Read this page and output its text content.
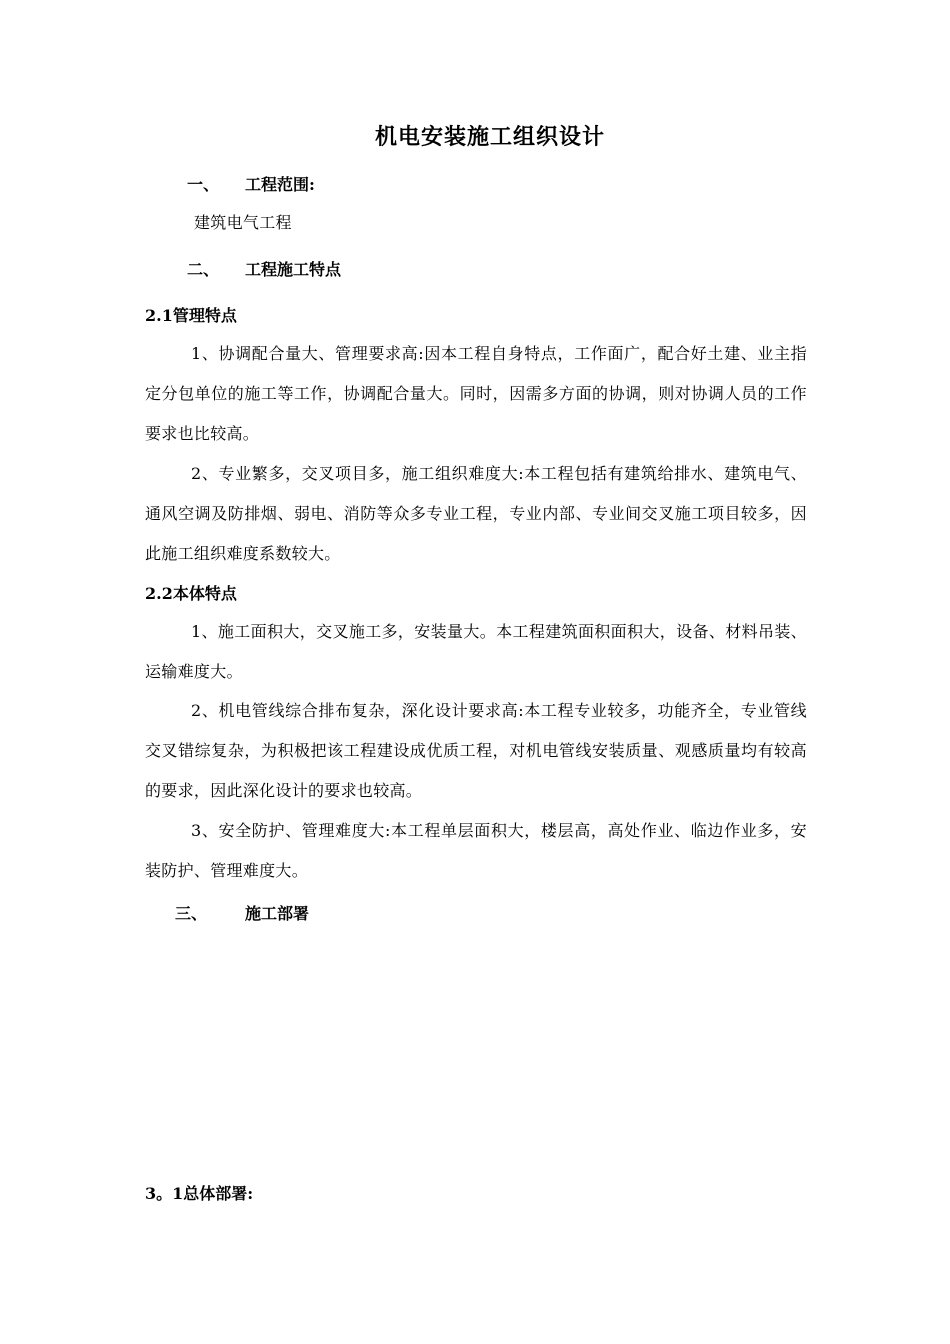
机电安装施工组织设计
一、 工程范围:
建筑电气工程
二、 工程施工特点
2.1管理特点
1、协调配合量大、管理要求高:因本工程自身特点，工作面广，配合好土建、业主指定分包单位的施工等工作，协调配合量大。同时，因需多方面的协调，则对协调人员的工作要求也比较高。
2、专业繁多，交叉项目多，施工组织难度大:本工程包括有建筑给排水、建筑电气、通风空调及防排烟、弱电、消防等众多专业工程，专业内部、专业间交叉施工项目较多，因此施工组织难度系数较大。
2.2本体特点
1、施工面积大，交叉施工多，安装量大。本工程建筑面积面积大，设备、材料吊装、运输难度大。
2、机电管线综合排布复杂，深化设计要求高:本工程专业较多，功能齐全，专业管线交叉错综复杂，为积极把该工程建设成优质工程，对机电管线安装质量、观感质量均有较高的要求，因此深化设计的要求也较高。
3、安全防护、管理难度大:本工程单层面积大，楼层高，高处作业、临边作业多，安装防护、管理难度大。
三、 施工部署
3。1总体部署:
